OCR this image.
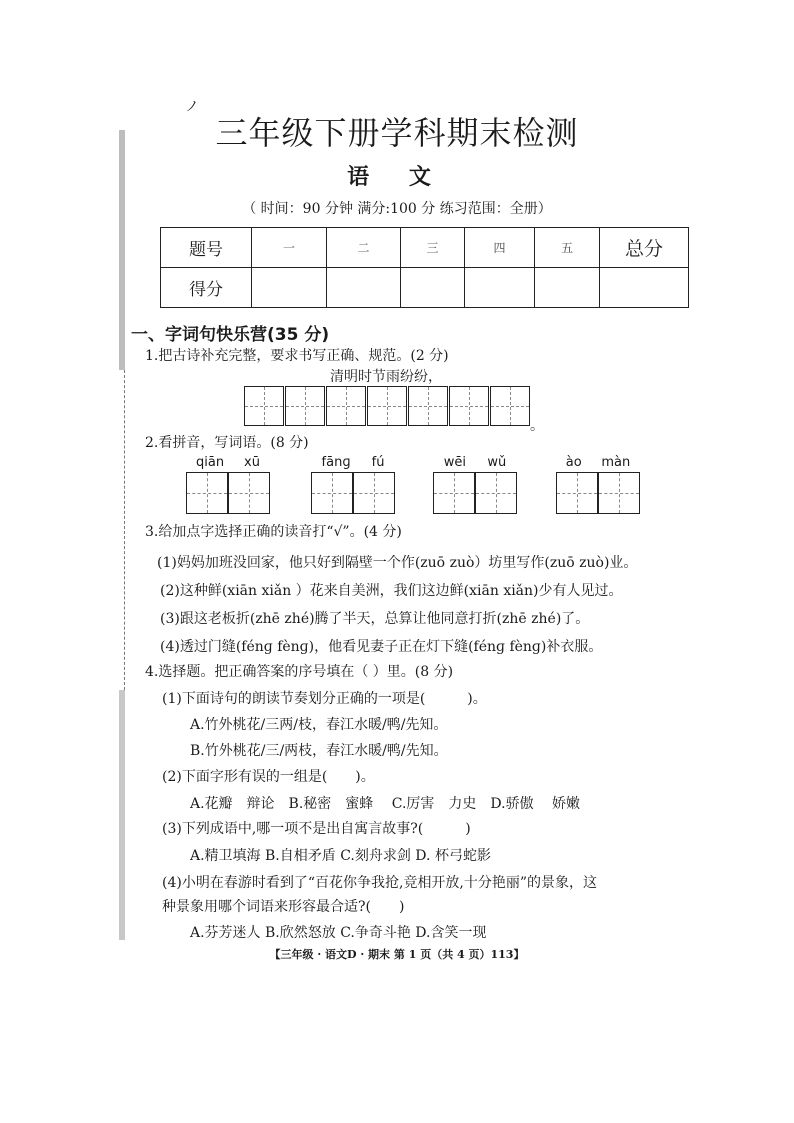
ノ
三年级下册学科期末检测
语 文
（ 时间：90 分钟 满分:100 分 练习范围：全册）
题号	一	二	三	四	五	总分
得分						
一、字词句快乐营(35 分)
1.把古诗补充完整，要求书写正确、规范。(2 分)
清明时节雨纷纷，
。
2.看拼音，写词语。(8 分)
qiān xū	fānɡ fú	wēi wǔ	ào màn
3.给加点字选择正确的读音打“√”。(4 分)
(1)妈妈加班没回家，他只好到隔壁一个作(zuō zuò）坊里写作(zuō zuò)业。
(2)这种鲜(xiān xiǎn ）花来自美洲，我们这边鲜(xiān xiǎn)少有人见过。
(3)跟这老板折(zhē zhé)腾了半天，总算让他同意打折(zhē zhé)了。
(4)透过门缝(fénɡ fènɡ)，他看见妻子正在灯下缝(fénɡ fènɡ)补衣服。
4.选择题。把正确答案的序号填在（ ）里。(8 分)
(1)下面诗句的朗读节奏划分正确的一项是(　　　)。
A.竹外桃花/三两/枝，春江水暖/鸭/先知。
B.竹外桃花/三/两枝，春江水暖/鸭/先知。
(2)下面字形有误的一组是(　　)。
A.花瓣　辩论　B.秘密　蜜蜂　 C.厉害　力史　D.骄傲　 娇嫩
(3)下列成语中,哪一项不是出自寓言故事?(　　　)
A.精卫填海 B.自相矛盾 C.刻舟求剑 D. 杯弓蛇影
(4)小明在春游时看到了“百花你争我抢,竞相开放,十分艳丽”的景象，这
种景象用哪个词语来形容最合适?(　　)
A.芬芳迷人 B.欣然怒放 C.争奇斗艳 D.含笑一现
【三年级 · 语文D · 期末 第 1 页（共 4 页）113】
